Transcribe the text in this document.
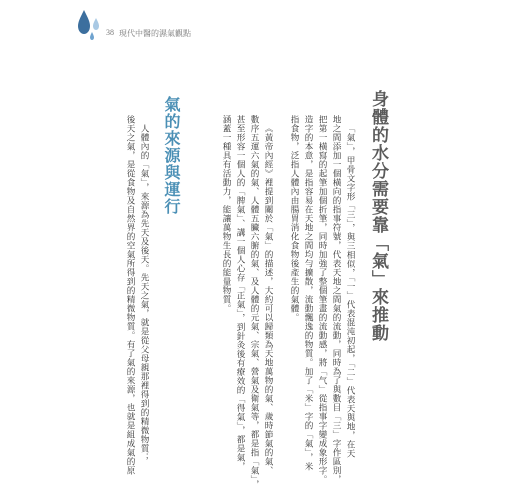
38 現代中醫的濕氣觀點
身體的水分需要靠「氣」來推動
「氣」，甲骨文字形「三」，與三相似，「一」代表混沌初起，「二」代表天與地，在天
地之間添加一個橫向的指事符號，代表天地之間氣的流動，同時為了與數目「三」字作區別，
把第一橫寫的起筆加個折筆，同時加強了整個筆畫的流動感，將「气」從指事字變成象形字。
造字的本意，是指容易在天地之間均勻擴散，流動飄逸的物質。加了「米」字的「氣」，米
指食物，泛指人體內由腸胃消化食物後產生的氣體。
《黃帝內經》裡提到關於「氣」的描述，大約可以歸類為天地萬物的氣、歲時節氣的氣、
數序五運六氣的氣、人體五臟六腑的氣、及人體的元氣、宗氣、營氣及衛氣等，都是指「氣」，
甚至形容一個人的「脾氣」、講一個人心存「正氣」，到針灸後有療效的「得氣」，都是氣，
涵蓋一種具有活動力，能讓萬物生長的能量物質。
氣的來源與運行
人體內的「氣」，來源為先天及後天。先天之氣，就是從父母親那裡得到的精微物質；
後天之氣，是從食物及自然界的空氣所得到的精微物質。有了氣的來源，也就是組成氣的原
